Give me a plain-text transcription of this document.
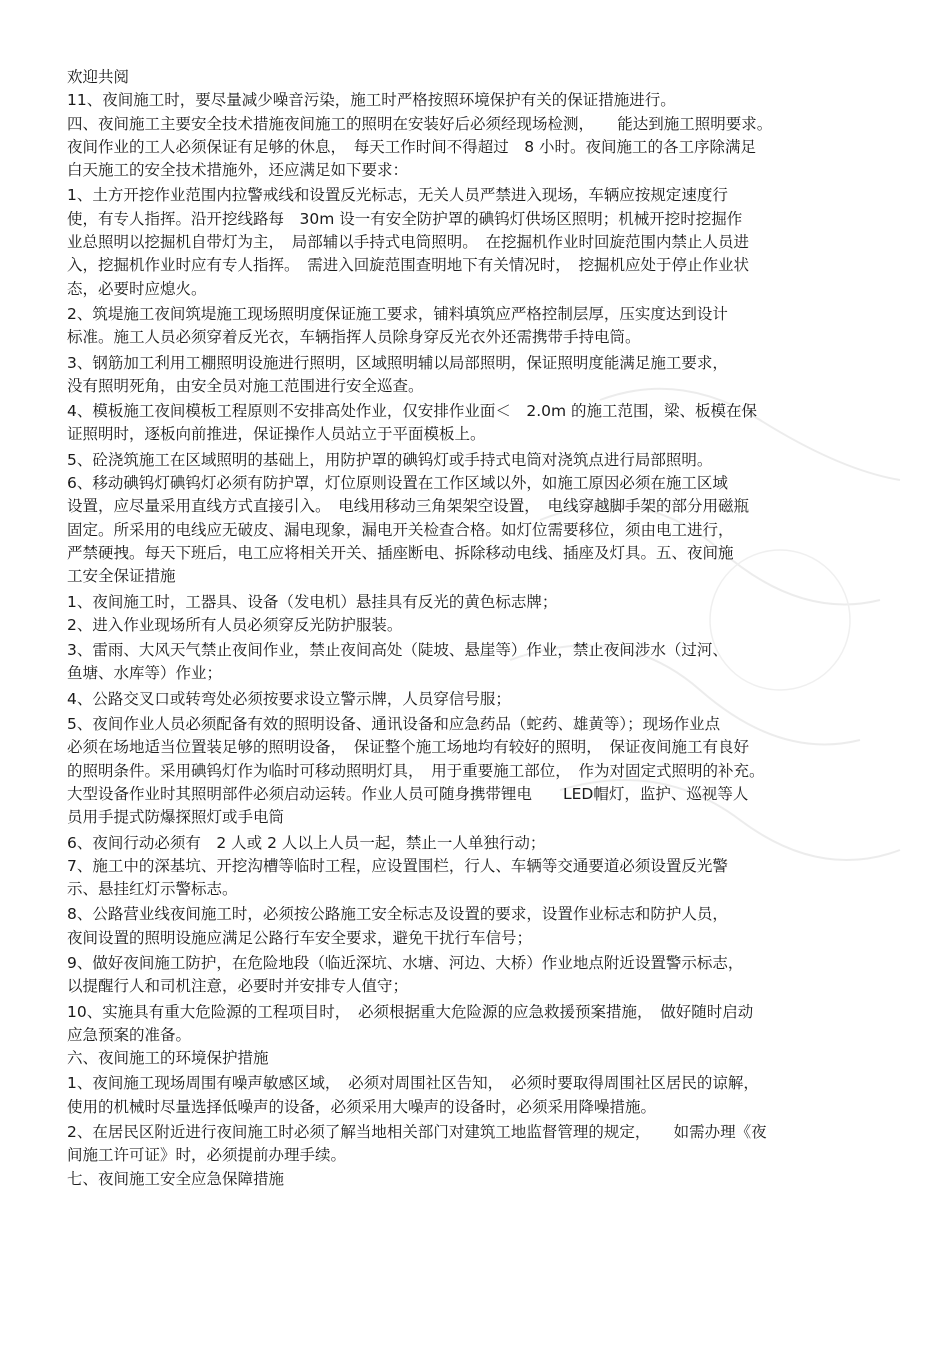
欢迎共阅
11、夜间施工时，要尽量减少噪音污染，施工时严格按照环境保护有关的保证措施进行。
四、夜间施工主要安全技术措施夜间施工的照明在安装好后必须经现场检测，　　能达到施工照明要求。
夜间作业的工人必须保证有足够的休息，　每天工作时间不得超过　8 小时。夜间施工的各工序除满足
白天施工的安全技术措施外，还应满足如下要求：
1、土方开挖作业范围内拉警戒线和设置反光标志，无关人员严禁进入现场，车辆应按规定速度行
使，有专人指挥。沿开挖线路每　30m 设一有安全防护罩的碘钨灯供场区照明；机械开挖时挖掘作
业总照明以挖掘机自带灯为主，　局部辅以手持式电筒照明。　在挖掘机作业时回旋范围内禁止人员进
入，挖掘机作业时应有专人指挥。　需进入回旋范围查明地下有关情况时，　挖掘机应处于停止作业状
态，必要时应熄火。
2、筑堤施工夜间筑堤施工现场照明度保证施工要求，铺料填筑应严格控制层厚，压实度达到设计
标准。施工人员必须穿着反光衣，车辆指挥人员除身穿反光衣外还需携带手持电筒。
3、钢筋加工利用工棚照明设施进行照明，区域照明辅以局部照明，保证照明度能满足施工要求，
没有照明死角，由安全员对施工范围进行安全巡查。
4、模板施工夜间模板工程原则不安排高处作业，仅安排作业面＜　2.0m 的施工范围，梁、板模在保
证照明时，逐板向前推进，保证操作人员站立于平面模板上。
5、砼浇筑施工在区域照明的基础上，用防护罩的碘钨灯或手持式电筒对浇筑点进行局部照明。
6、移动碘钨灯碘钨灯必须有防护罩，灯位原则设置在工作区域以外，如施工原因必须在施工区域
设置，应尽量采用直线方式直接引入。　电线用移动三角架架空设置，　电线穿越脚手架的部分用磁瓶
固定。所采用的电线应无破皮、漏电现象，漏电开关检查合格。如灯位需要移位，须由电工进行，
严禁硬拽。每天下班后，电工应将相关开关、插座断电、拆除移动电线、插座及灯具。五、夜间施
工安全保证措施
1、夜间施工时，工器具、设备（发电机）悬挂具有反光的黄色标志牌；
2、进入作业现场所有人员必须穿反光防护服装。
3、雷雨、大风天气禁止夜间作业，禁止夜间高处（陡坡、悬崖等）作业，禁止夜间涉水（过河、
鱼塘、水库等）作业；
4、公路交叉口或转弯处必须按要求设立警示牌，人员穿信号服；
5、夜间作业人员必须配备有效的照明设备、通讯设备和应急药品（蛇药、雄黄等）；现场作业点
必须在场地适当位置装足够的照明设备，　保证整个施工场地均有较好的照明，　保证夜间施工有良好
的照明条件。采用碘钨灯作为临时可移动照明灯具，　用于重要施工部位，　作为对固定式照明的补充。
大型设备作业时其照明部件必须启动运转。作业人员可随身携带锂电　　LED帽灯，监护、巡视等人
员用手提式防爆探照灯或手电筒
6、夜间行动必须有　2 人或 2 人以上人员一起，禁止一人单独行动；
7、施工中的深基坑、开挖沟槽等临时工程，应设置围栏，行人、车辆等交通要道必须设置反光警
示、悬挂红灯示警标志。
8、公路营业线夜间施工时，必须按公路施工安全标志及设置的要求，设置作业标志和防护人员，
夜间设置的照明设施应满足公路行车安全要求，避免干扰行车信号；
9、做好夜间施工防护，在危险地段（临近深坑、水塘、河边、大桥）作业地点附近设置警示标志，
以提醒行人和司机注意，必要时并安排专人值守；
10、实施具有重大危险源的工程项目时，　必须根据重大危险源的应急救援预案措施，　做好随时启动
应急预案的准备。
六、夜间施工的环境保护措施
1、夜间施工现场周围有噪声敏感区域，　必须对周围社区告知，　必须时要取得周围社区居民的谅解，
使用的机械时尽量选择低噪声的设备，必须采用大噪声的设备时，必须采用降噪措施。
2、在居民区附近进行夜间施工时必须了解当地相关部门对建筑工地监督管理的规定，　　如需办理《夜
间施工许可证》时，必须提前办理手续。
七、夜间施工安全应急保障措施
